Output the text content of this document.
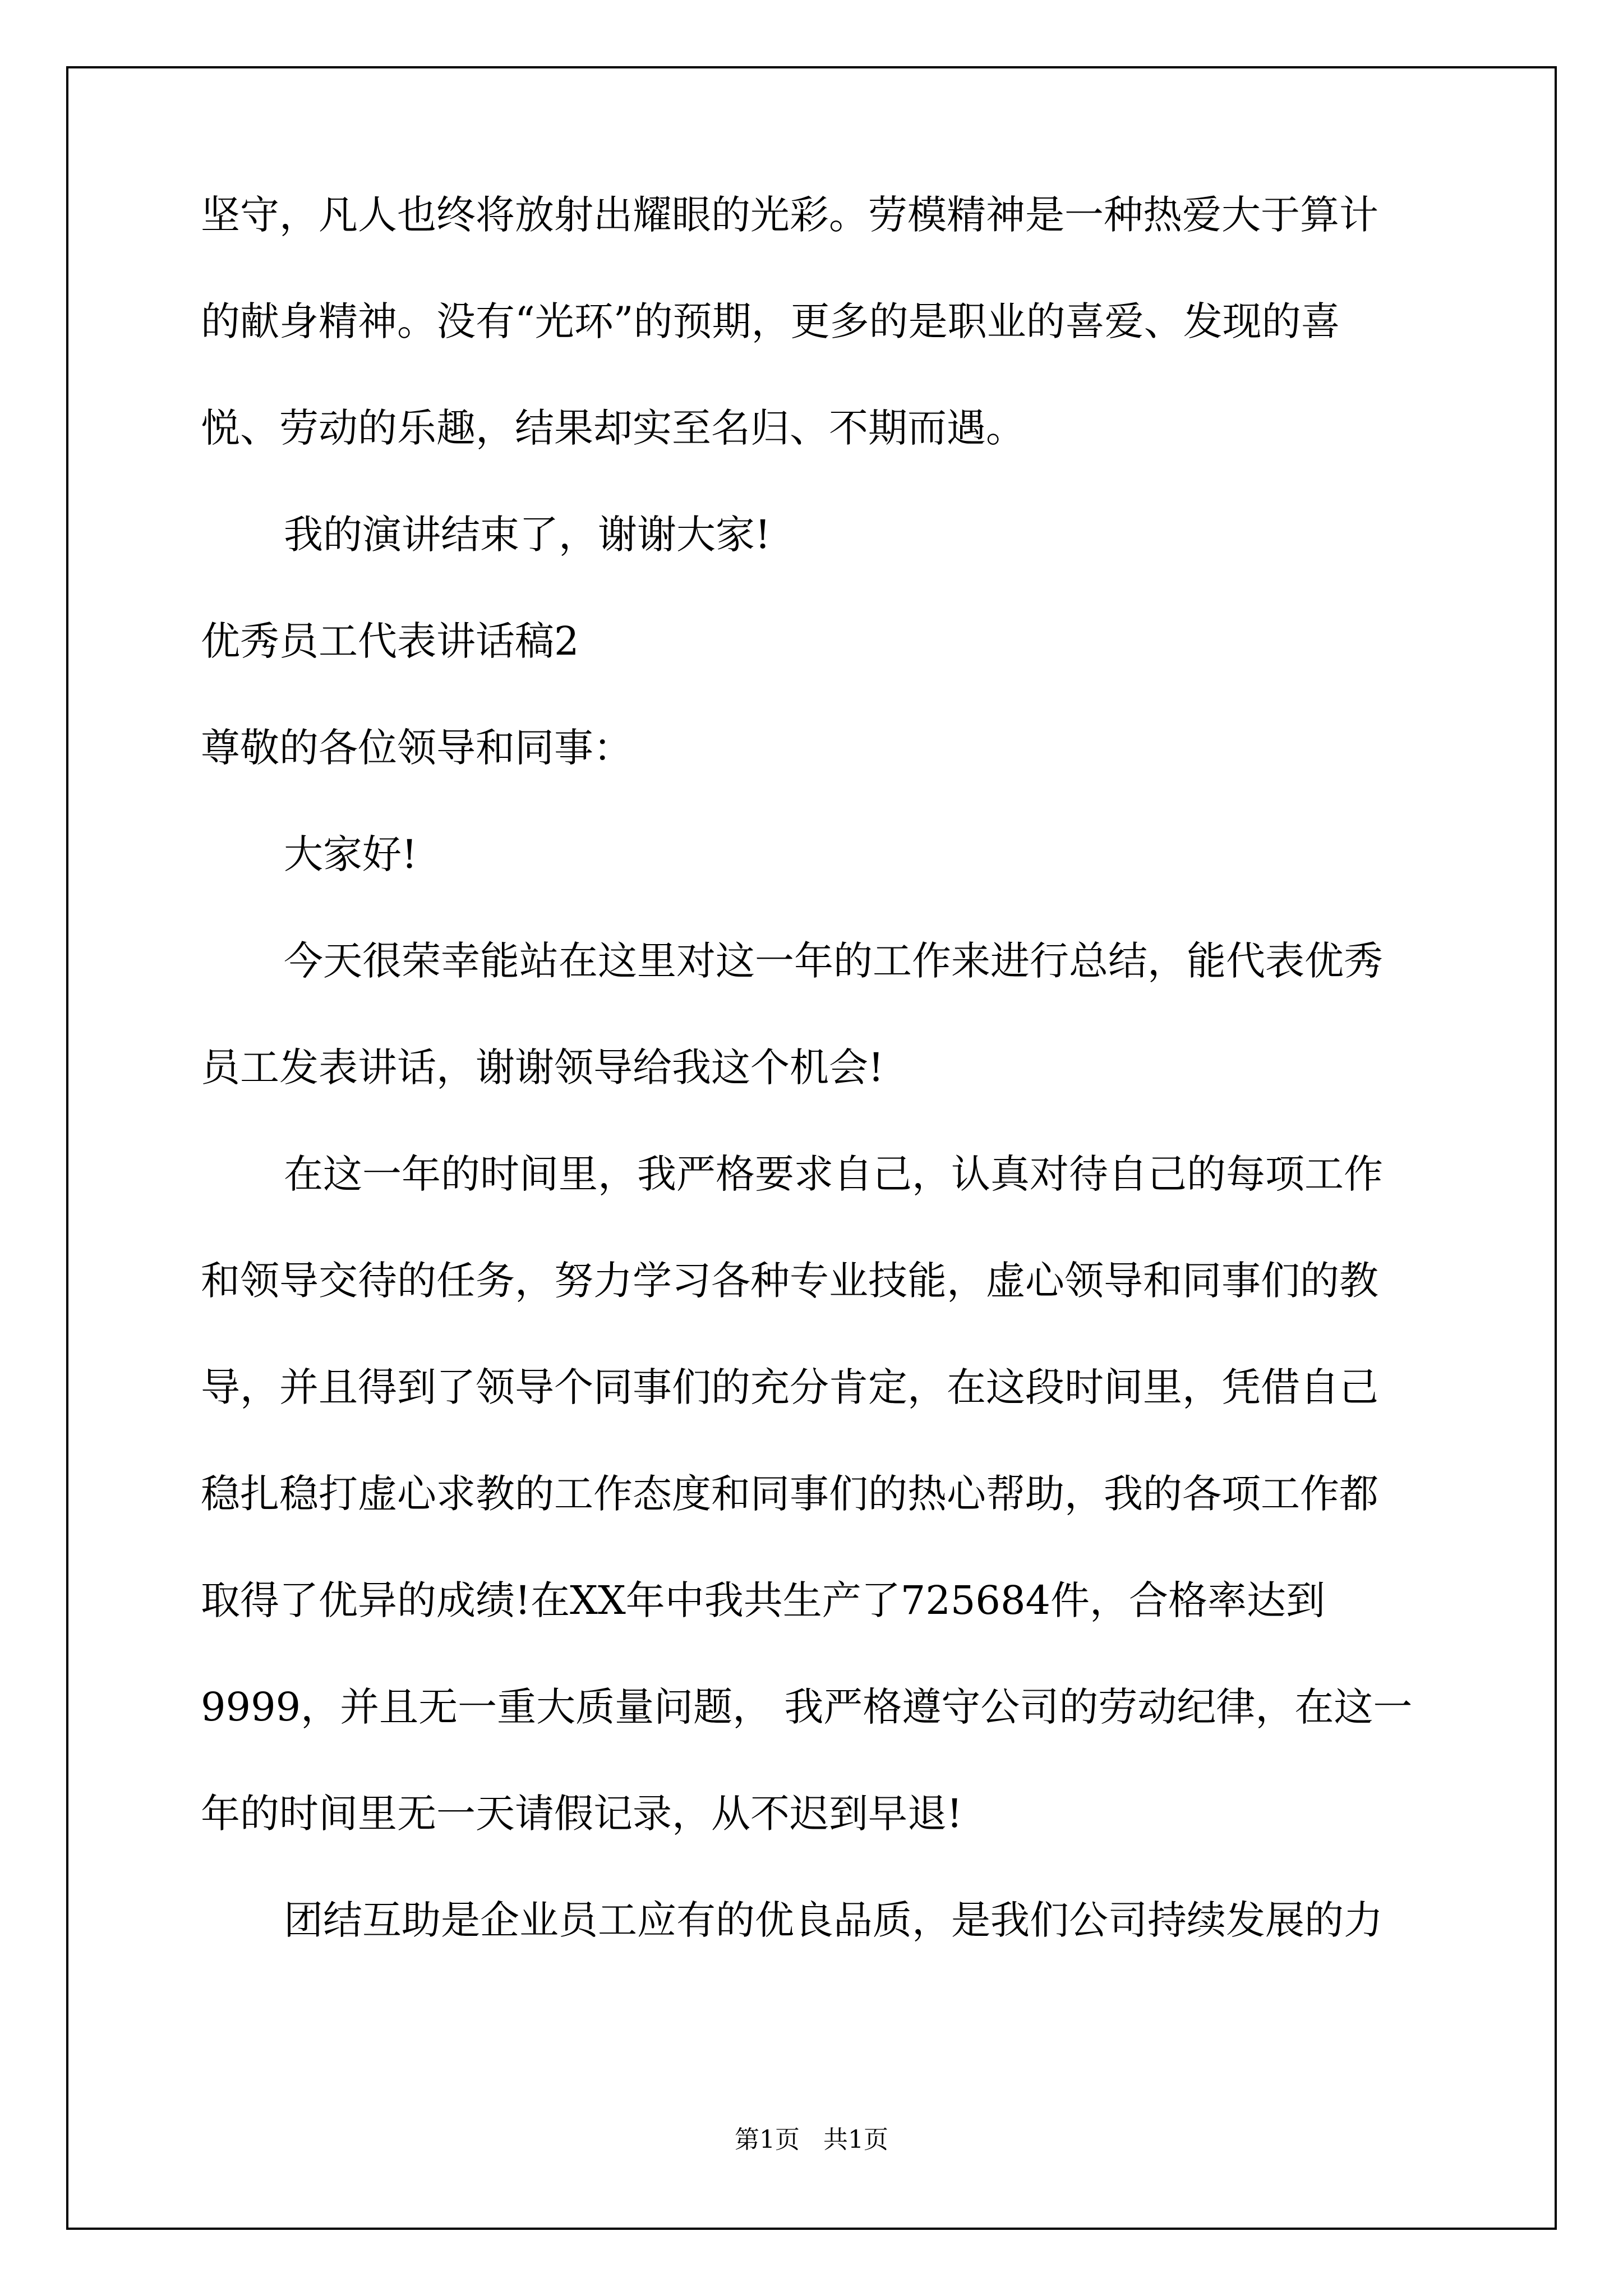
坚守，凡人也终将放射出耀眼的光彩。劳模精神是一种热爱大于算计
的献身精神。没有“光环”的预期，更多的是职业的喜爱、发现的喜
悦、劳动的乐趣，结果却实至名归、不期而遇。
我的演讲结束了，谢谢大家!
优秀员工代表讲话稿2
尊敬的各位领导和同事：
大家好!
今天很荣幸能站在这里对这一年的工作来进行总结，能代表优秀
员工发表讲话，谢谢领导给我这个机会!
在这一年的时间里，我严格要求自己，认真对待自己的每项工作
和领导交待的任务，努力学习各种专业技能，虚心领导和同事们的教
导，并且得到了领导个同事们的充分肯定，在这段时间里，凭借自己
稳扎稳打虚心求教的工作态度和同事们的热心帮助，我的各项工作都
取得了优异的成绩!在XX年中我共生产了725684件，合格率达到
9999，并且无一重大质量问题， 我严格遵守公司的劳动纪律，在这一
年的时间里无一天请假记录，从不迟到早退!
团结互助是企业员工应有的优良品质，是我们公司持续发展的力
第1页   共1页
